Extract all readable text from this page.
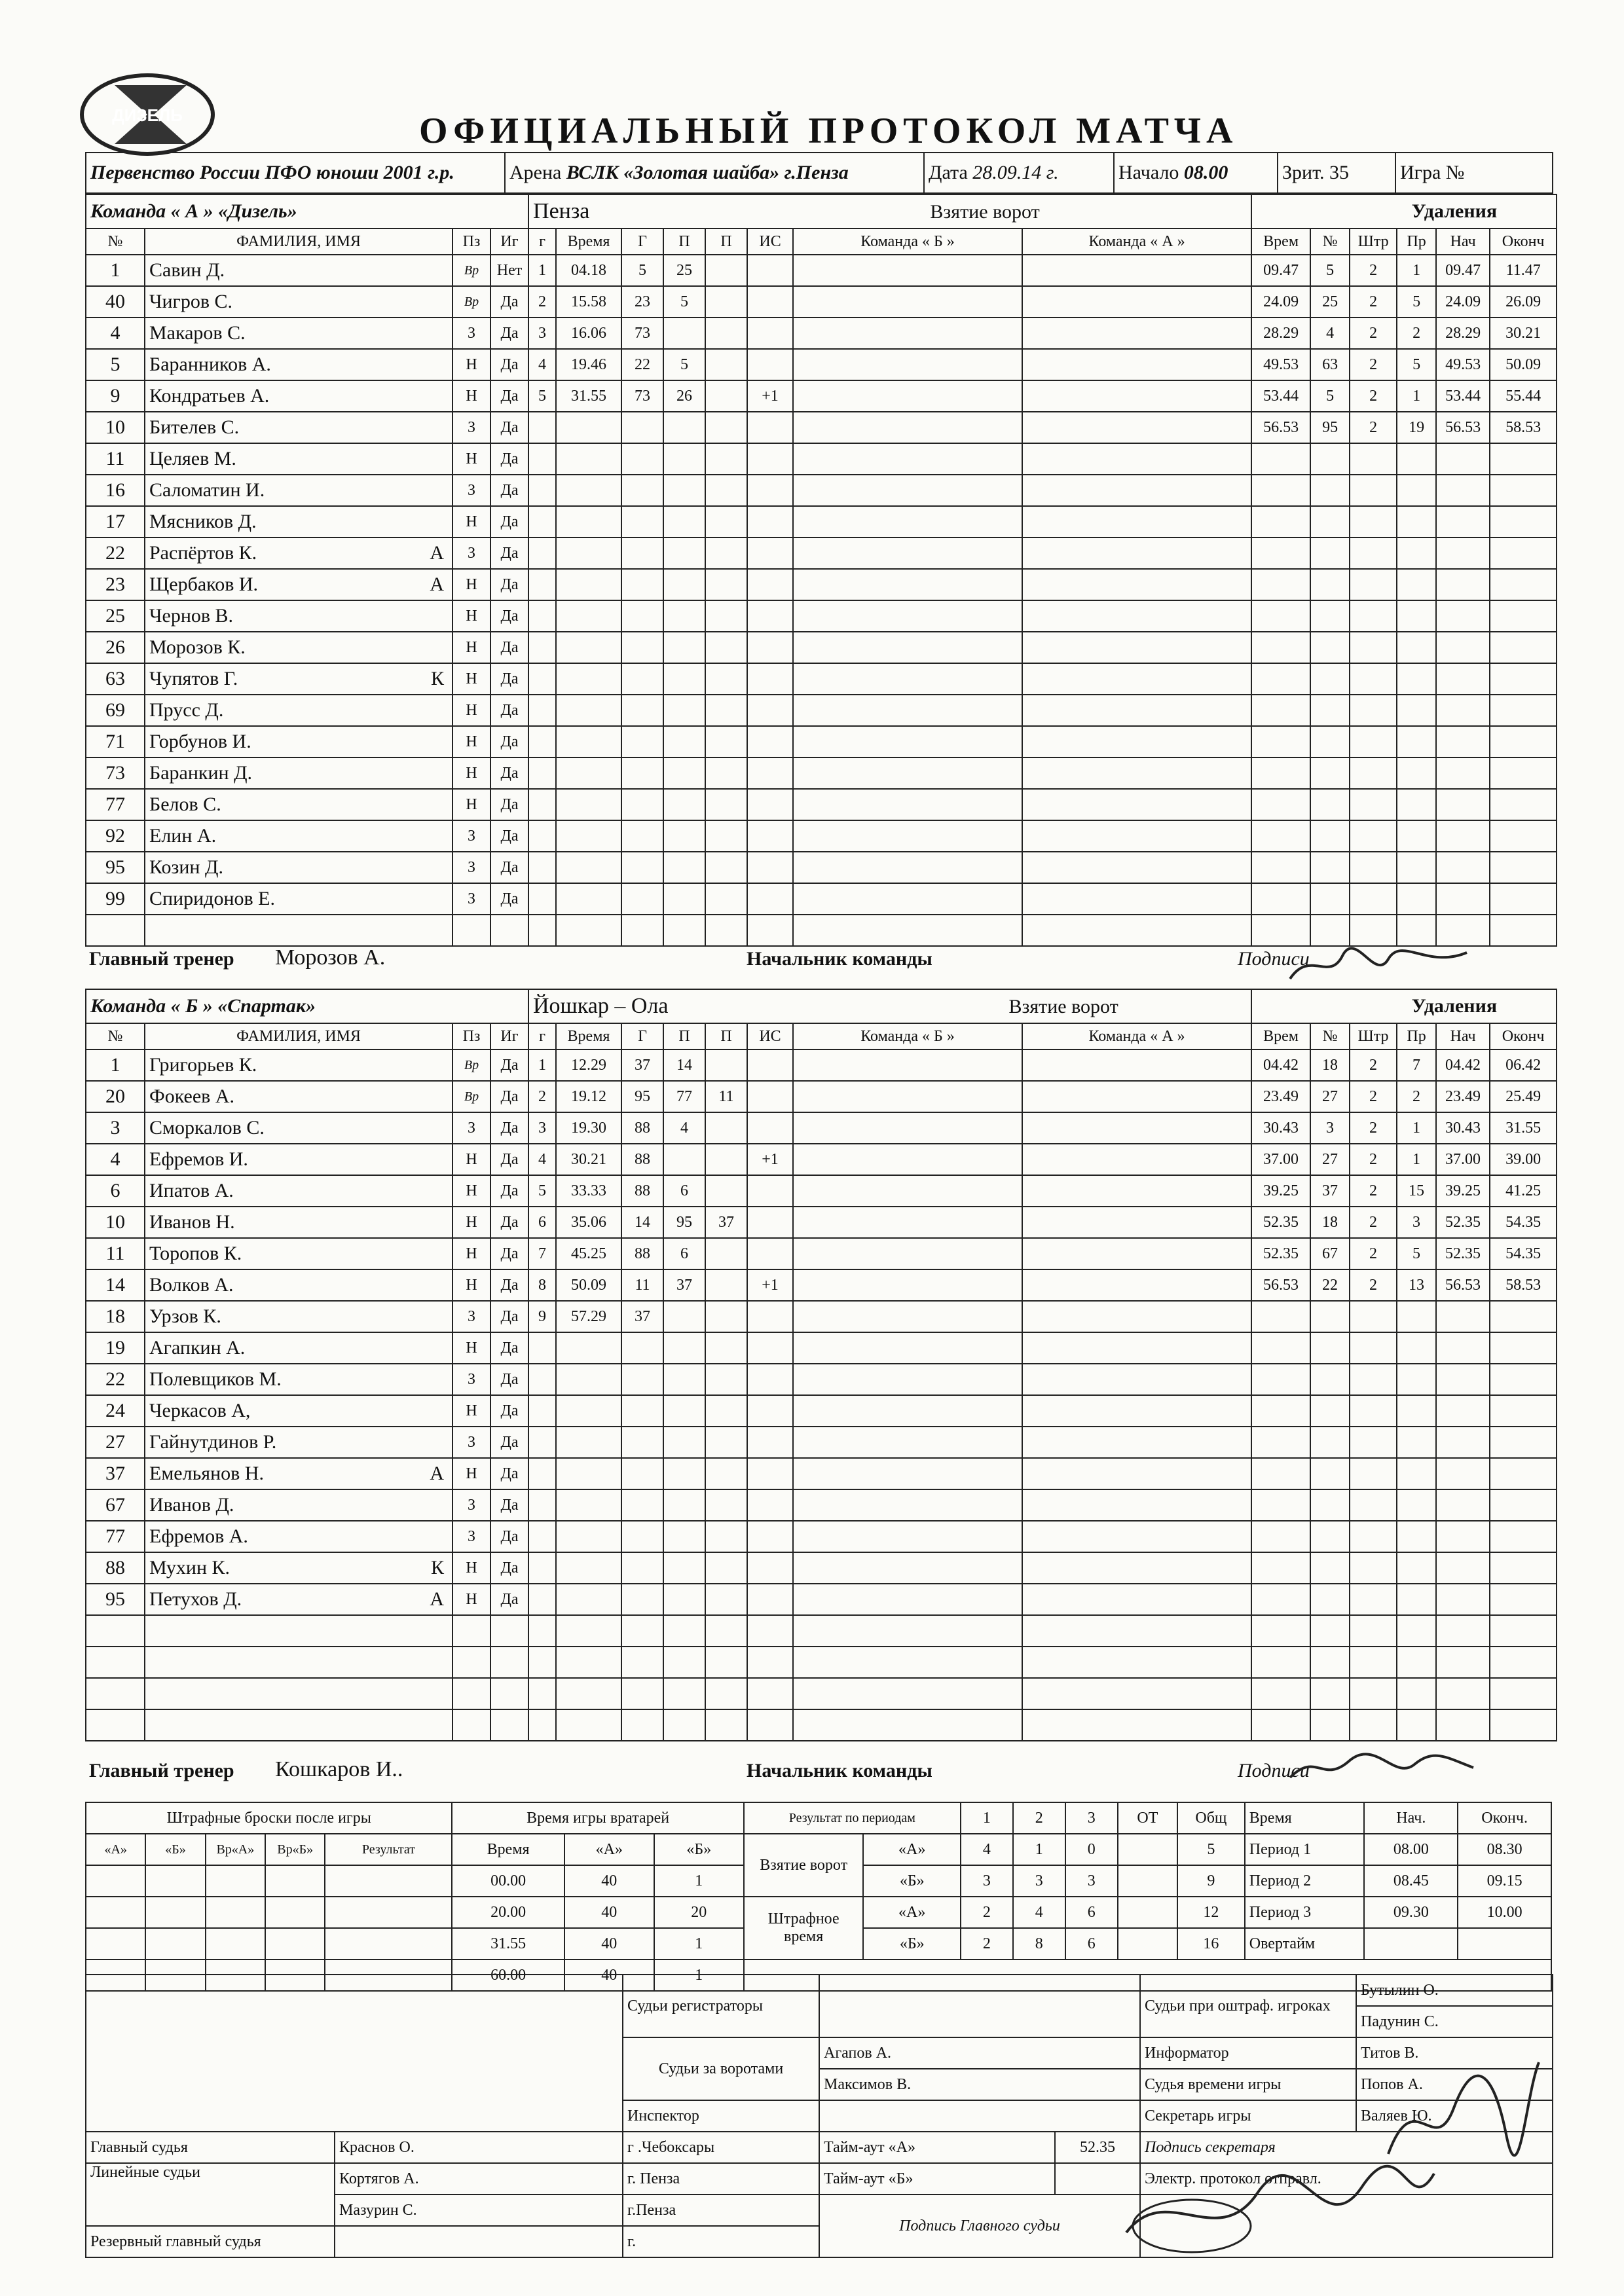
ДИЗЕЛЬ	ОФИЦИАЛЬНЫЙ ПРОТОКОЛ МАТЧА
Первенство России ПФО юноши 2001 г.р.	Арена ВСЛК «Золотая шайба» г.Пенза	Дата 28.09.14 г.	Начало 08.00	Зрит. 35	Игра №
Команда « А » «Дизель»				Пенза Взятие ворот								Удаления					
№	ФАМИЛИЯ, ИМЯ	Пз	Иг	г	Время	Г	П	П	ИС	Команда « Б »	Команда « А »	Врем	№	Штр	Пр	Нач	Оконч
1	Савин Д.	Вр	Нет	1	04.18	5	25					09.47	5	2	1	09.47	11.47
40	Чигров С.	Вр	Да	2	15.58	23	5					24.09	25	2	5	24.09	26.09
4	Макаров С.	З	Да	3	16.06	73						28.29	4	2	2	28.29	30.21
5	Баранников А.	Н	Да	4	19.46	22	5					49.53	63	2	5	49.53	50.09
9	Кондратьев А.	Н	Да	5	31.55	73	26		+1			53.44	5	2	1	53.44	55.44
10	Бителев С.	З	Да									56.53	95	2	19	56.53	58.53
11	Целяев М.	Н	Да														
16	Саломатин И.	З	Да														
17	Мясников Д.	Н	Да														
22	Распёртов К. А	З	Да														
23	Щербаков И. А	Н	Да														
25	Чернов В.	Н	Да														
26	Морозов К.	Н	Да														
63	Чупятов Г. К	Н	Да														
69	Прусс Д.	Н	Да														
71	Горбунов И.	Н	Да														
73	Баранкин Д.	Н	Да														
77	Белов С.	Н	Да														
92	Елин А.	З	Да														
95	Козин Д.	З	Да														
99	Спиридонов Е.	З	Да														

Главный тренер Морозов А.	Начальник команды	Подписи
Команда « Б » «Спартак»				Йошкар – Ола Взятие ворот								Удаления					
№	ФАМИЛИЯ, ИМЯ	Пз	Иг	г	Время	Г	П	П	ИС	Команда « Б »	Команда « А »	Врем	№	Штр	Пр	Нач	Оконч
1	Григорьев К.	Вр	Да	1	12.29	37	14					04.42	18	2	7	04.42	06.42
20	Фокеев А.	Вр	Да	2	19.12	95	77	11				23.49	27	2	2	23.49	25.49
3	Сморкалов С.	З	Да	3	19.30	88	4					30.43	3	2	1	30.43	31.55
4	Ефремов И.	Н	Да	4	30.21	88			+1			37.00	27	2	1	37.00	39.00
6	Ипатов А.	Н	Да	5	33.33	88	6					39.25	37	2	15	39.25	41.25
10	Иванов Н.	Н	Да	6	35.06	14	95	37				52.35	18	2	3	52.35	54.35
11	Торопов К.	Н	Да	7	45.25	88	6					52.35	67	2	5	52.35	54.35
14	Волков А.	Н	Да	8	50.09	11	37		+1			56.53	22	2	13	56.53	58.53
18	Урзов К.	З	Да	9	57.29	37											
19	Агапкин А.	Н	Да														
22	Полевщиков М.	З	Да														
24	Черкасов А,	Н	Да														
27	Гайнутдинов Р.	З	Да														
37	Емельянов Н. А	Н	Да														
67	Иванов Д.	З	Да														
77	Ефремов А.	З	Да														
88	Мухин К. К	Н	Да														
95	Петухов Д. А	Н	Да														

Главный тренер Кошкаров И..	Начальник команды	Подписи
Штрафные броски после игры					Время игры вратарей			Результат по периодам		1	2	3	ОТ	Общ	Время	Нач.	Оконч.
«А»	«Б»	Вр«А»	Вр«Б»	Результат	Время	«А»	«Б»	Взятие ворот	«А»	4	1	0		5	Период 1	08.00	08.30
					00.00	40	1		«Б»	3	3	3		9	Период 2	08.45	09.15
					20.00	40	20	Штрафное время	«А»	2	4	6		12	Период 3	09.30	10.00
					31.55	40	1		«Б»	2	8	6		16	Овертайм		
					60.00	40	1										
		Судьи регистраторы			Судьи при оштраф. игроках	Бутылин О.
						Падунин С.
		Судьи за воротами	Агапов А.		Информатор	Титов В.
			Максимов В.		Судья времени игры	Попов А.
		Инспектор			Секретарь игры	Валяев Ю.
Главный судья	Краснов О.	г .Чебоксары	Тайм-аут «А»	52.35	Подпись секретаря	
Линейные судьи	Кортягов А.	г. Пенза	Тайм-аут «Б»		Электр. протокол отправл.	
	Мазурин С.	г.Пенза	Подпись Главного судьи			
Резервный главный судья		г.				
